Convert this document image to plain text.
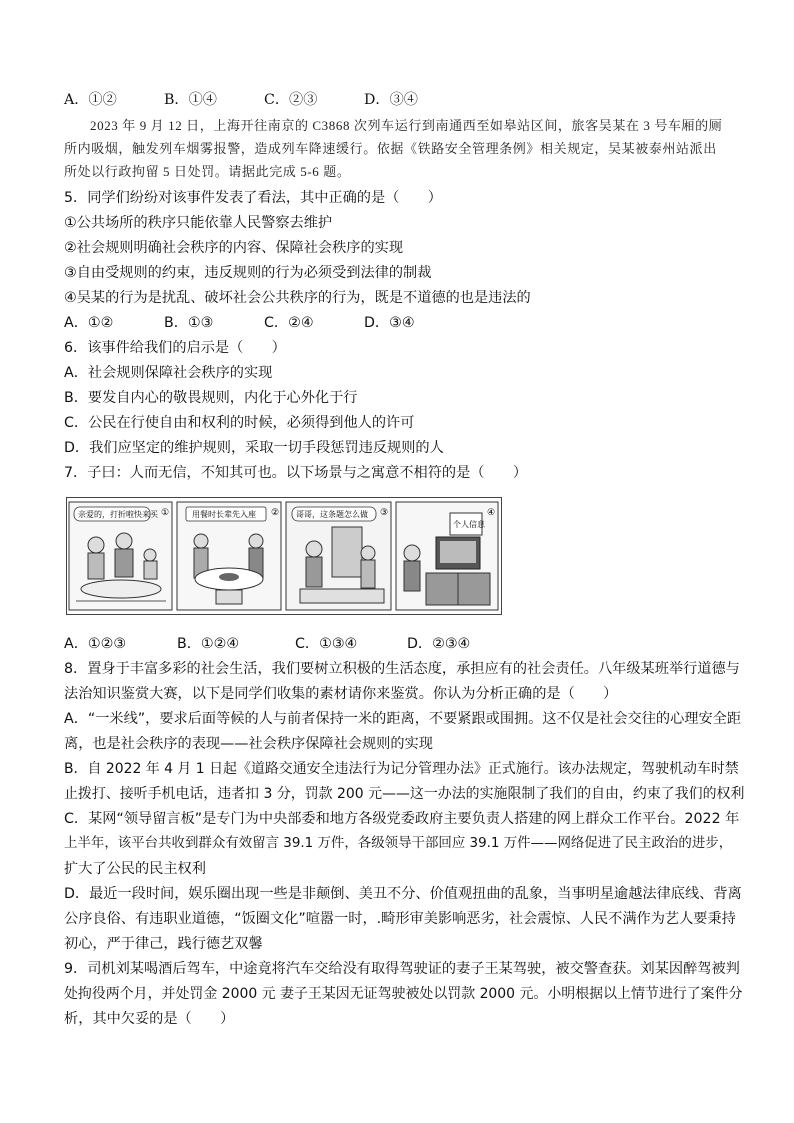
A．①②	B．①④	C．②③	D．③④
2023 年 9 月 12 日，上海开往南京的 C3868 次列车运行到南通西至如皋站区间，旅客吴某在 3 号车厢的厕
所内吸烟，触发列车烟雾报警，造成列车降速缓行。依据《铁路安全管理条例》相关规定，吴某被泰州站派出
所处以行政拘留 5 日处罚。请据此完成 5-6 题。
5．同学们纷纷对该事件发表了看法，其中正确的是（　　）
①公共场所的秩序只能依靠人民警察去维护
②社会规则明确社会秩序的内容、保障社会秩序的实现
③自由受规则的约束，违反规则的行为必须受到法律的制裁
④吴某的行为是扰乱、破坏社会公共秩序的行为，既是不道德的也是违法的
A．①②	B．①③	C．②④	D．③④
6．该事件给我们的启示是（　　）
A．社会规则保障社会秩序的实现
B．要发自内心的敬畏规则，内化于心外化于行
C．公民在行使自由和权利的时候，必须得到他人的许可
D．我们应坚定的维护规则，采取一切手段惩罚违反规则的人
7．子曰：人而无信，不知其可也。以下场景与之寓意不相符的是（　　）
亲爱的，打折啦快来买 ①	用餐时长辈先入座 ② 哥哥，这条题怎么做 ③	④
个人信息
A．①②③	B．①②④	C．①③④	D．②③④
8．置身于丰富多彩的社会生活，我们要树立积极的生活态度，承担应有的社会责任。八年级某班举行道德与
法治知识鉴赏大赛，以下是同学们收集的素材请你来鉴赏。你认为分析正确的是（　　）
A．“一米线”，要求后面等候的人与前者保持一米的距离，不要紧跟或围拥。这不仅是社会交往的心理安全距
离，也是社会秩序的表现——社会秩序保障社会规则的实现
B．自 2022 年 4 月 1 日起《道路交通安全违法行为记分管理办法》正式施行。该办法规定，驾驶机动车时禁
止拨打、接听手机电话，违者扣 3 分，罚款 200 元——这一办法的实施限制了我们的自由，约束了我们的权利
C．某网“领导留言板”是专门为中央部委和地方各级党委政府主要负责人搭建的网上群众工作平台。2022 年
上半年，该平台共收到群众有效留言 39.1 万件，各级领导干部回应 39.1 万件——网络促进了民主政治的进步，
扩大了公民的民主权利
D．最近一段时间，娱乐圈出现一些是非颠倒、美丑不分、价值观扭曲的乱象，当事明星逾越法律底线、背离
公序良俗、有违职业道德，“饭圈文化”喧嚣一时，.畸形审美影响恶劣，社会震惊、人民不满作为艺人要秉持
初心，严于律己，践行德艺双馨
9．司机刘某喝酒后驾车，中途竟将汽车交给没有取得驾驶证的妻子王某驾驶，被交警查获。刘某因醉驾被判
处拘役两个月，并处罚金 2000 元 妻子王某因无证驾驶被处以罚款 2000 元。小明根据以上情节进行了案件分
析，其中欠妥的是（　　）
